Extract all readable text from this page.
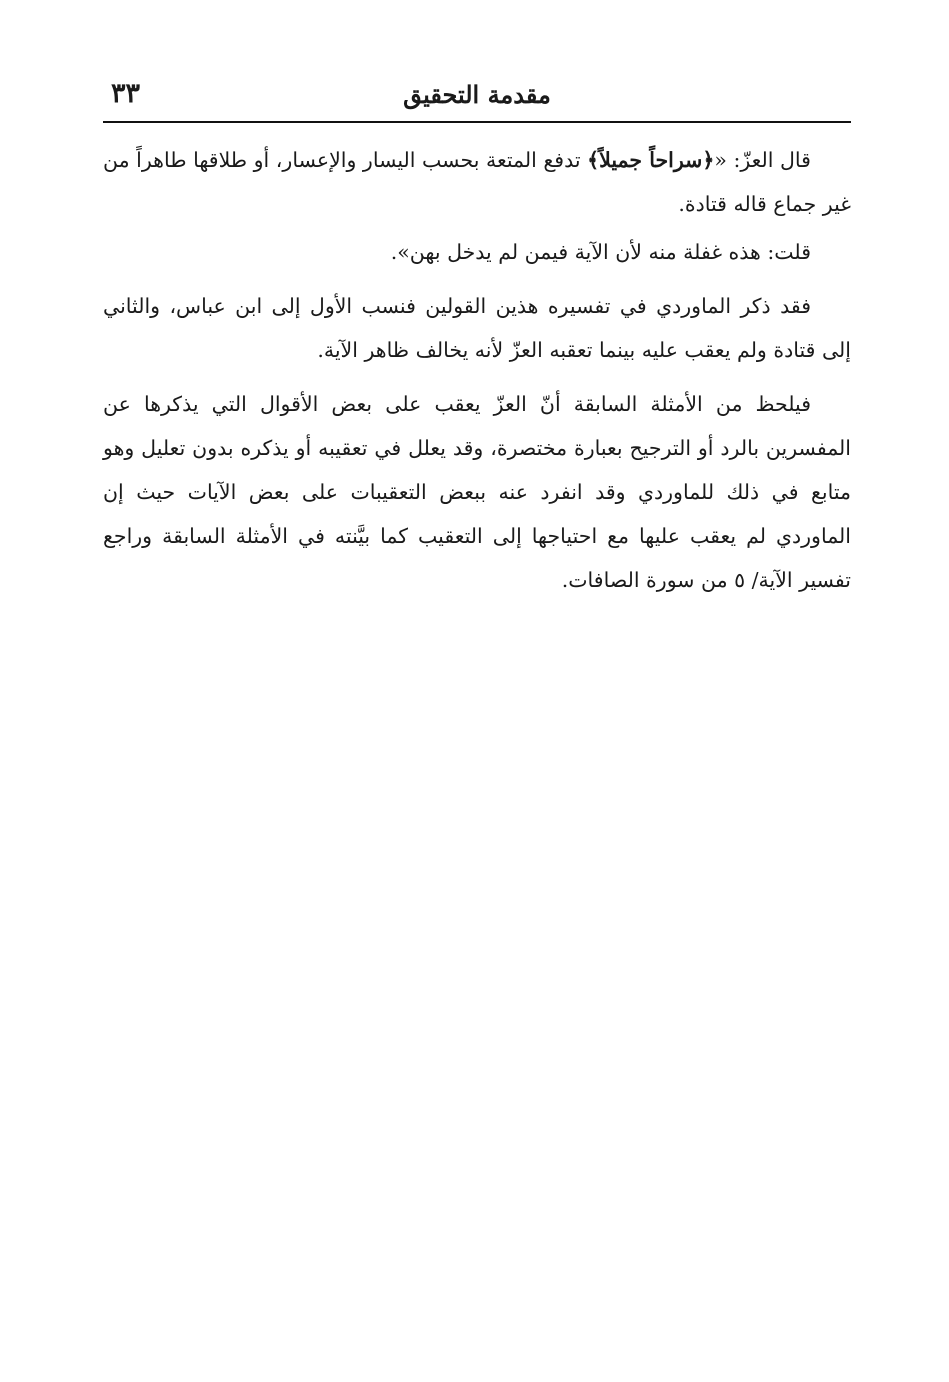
مقدمة التحقيق
٣٣

قال العزّ: «﴿سراحاً جميلاً﴾ تدفع المتعة بحسب اليسار والإعسار، أو طلاقها طاهراً من غير جماع قاله قتادة.

قلت: هذه غفلة منه لأن الآية فيمن لم يدخل بهن».

فقد ذكر الماوردي في تفسيره هذين القولين فنسب الأول إلى ابن عباس، والثاني إلى قتادة ولم يعقب عليه بينما تعقبه العزّ لأنه يخالف ظاهر الآية.

فيلحظ من الأمثلة السابقة أنّ العزّ يعقب على بعض الأقوال التي يذكرها عن المفسرين بالرد أو الترجيح بعبارة مختصرة، وقد يعلل في تعقيبه أو يذكره بدون تعليل وهو متابع في ذلك للماوردي وقد انفرد عنه ببعض التعقيبات على بعض الآيات حيث إن الماوردي لم يعقب عليها مع احتياجها إلى التعقيب كما بيَّنته في الأمثلة السابقة وراجع تفسير الآية/ ٥ من سورة الصافات.
